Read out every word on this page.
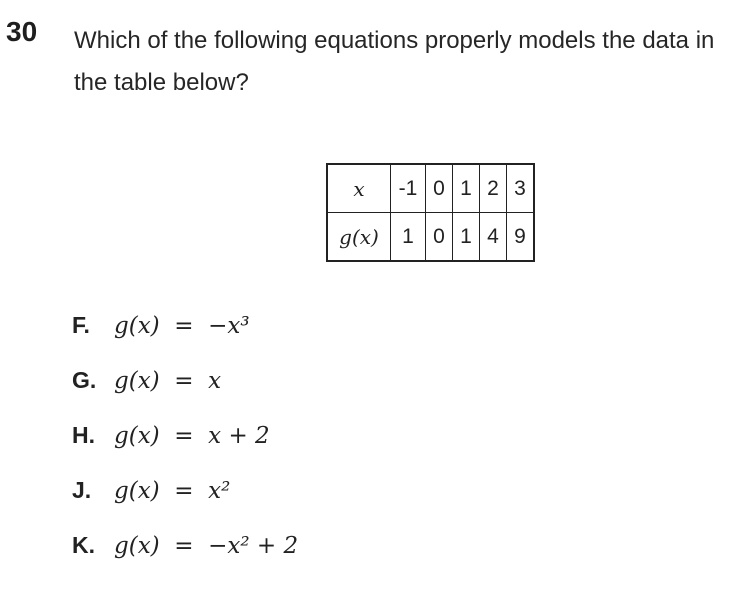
30 Which of the following equations properly models the data in the table below?
x	-1	0	1	2	3
g(x)	1	0	1	4	9
F.	g(x)  =  −x³
G. g(x)  =  x
H. g(x)  =  x + 2
J. g(x)  =  x²
K. g(x)  =  −x² + 2
